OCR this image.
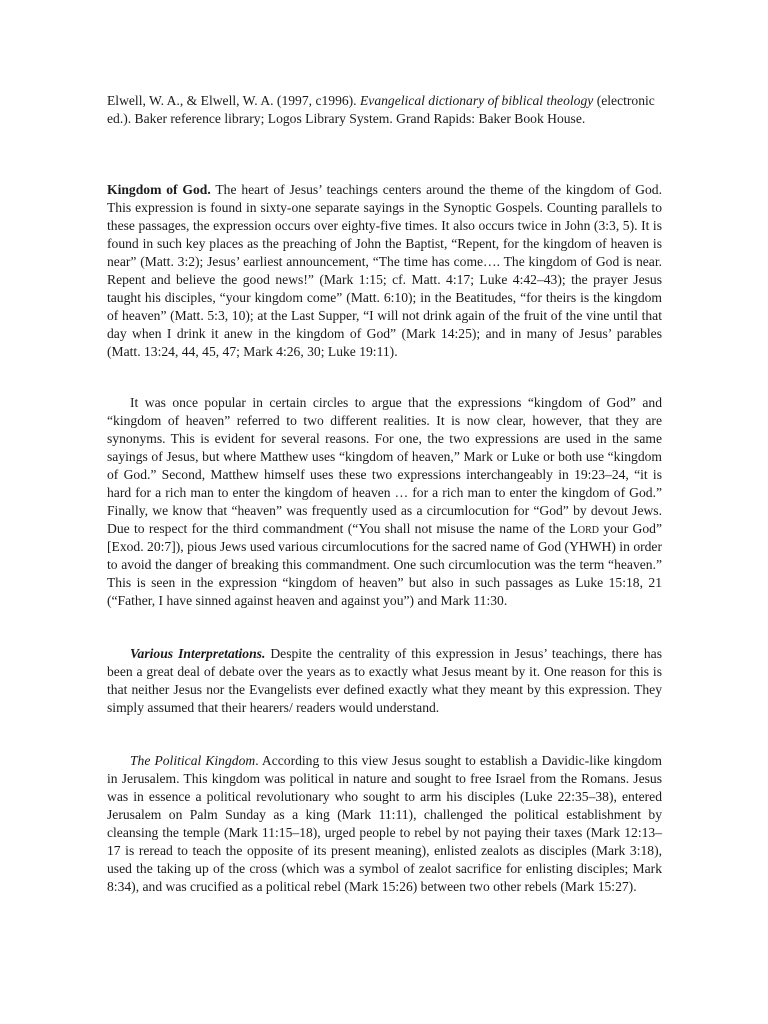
Elwell, W. A., & Elwell, W. A. (1997, c1996). Evangelical dictionary of biblical theology (electronic ed.). Baker reference library; Logos Library System. Grand Rapids: Baker Book House.

Kingdom of God. The heart of Jesus’ teachings centers around the theme of the kingdom of God. This expression is found in sixty-one separate sayings in the Synoptic Gospels. Counting parallels to these passages, the expression occurs over eighty-five times. It also occurs twice in John (3:3, 5). It is found in such key places as the preaching of John the Baptist, “Repent, for the kingdom of heaven is near” (Matt. 3:2); Jesus’ earliest announcement, “The time has come…. The kingdom of God is near. Repent and believe the good news!” (Mark 1:15; cf. Matt. 4:17; Luke 4:42–43); the prayer Jesus taught his disciples, “your kingdom come” (Matt. 6:10); in the Beatitudes, “for theirs is the kingdom of heaven” (Matt. 5:3, 10); at the Last Supper, “I will not drink again of the fruit of the vine until that day when I drink it anew in the kingdom of God” (Mark 14:25); and in many of Jesus’ parables (Matt. 13:24, 44, 45, 47; Mark 4:26, 30; Luke 19:11).

It was once popular in certain circles to argue that the expressions “kingdom of God” and “kingdom of heaven” referred to two different realities. It is now clear, however, that they are synonyms. This is evident for several reasons. For one, the two expressions are used in the same sayings of Jesus, but where Matthew uses “kingdom of heaven,” Mark or Luke or both use “kingdom of God.” Second, Matthew himself uses these two expressions interchangeably in 19:23–24, “it is hard for a rich man to enter the kingdom of heaven … for a rich man to enter the kingdom of God.” Finally, we know that “heaven” was frequently used as a circumlocution for “God” by devout Jews. Due to respect for the third commandment (“You shall not misuse the name of the Lord your God” [Exod. 20:7]), pious Jews used various circumlocutions for the sacred name of God (YHWH) in order to avoid the danger of breaking this commandment. One such circumlocution was the term “heaven.” This is seen in the expression “kingdom of heaven” but also in such passages as Luke 15:18, 21 (“Father, I have sinned against heaven and against you”) and Mark 11:30.

Various Interpretations. Despite the centrality of this expression in Jesus’ teachings, there has been a great deal of debate over the years as to exactly what Jesus meant by it. One reason for this is that neither Jesus nor the Evangelists ever defined exactly what they meant by this expression. They simply assumed that their hearers/ readers would understand.

The Political Kingdom. According to this view Jesus sought to establish a Davidic-like kingdom in Jerusalem. This kingdom was political in nature and sought to free Israel from the Romans. Jesus was in essence a political revolutionary who sought to arm his disciples (Luke 22:35–38), entered Jerusalem on Palm Sunday as a king (Mark 11:11), challenged the political establishment by cleansing the temple (Mark 11:15–18), urged people to rebel by not paying their taxes (Mark 12:13–17 is reread to teach the opposite of its present meaning), enlisted zealots as disciples (Mark 3:18), used the taking up of the cross (which was a symbol of zealot sacrifice for enlisting disciples; Mark 8:34), and was crucified as a political rebel (Mark 15:26) between two other rebels (Mark 15:27).
